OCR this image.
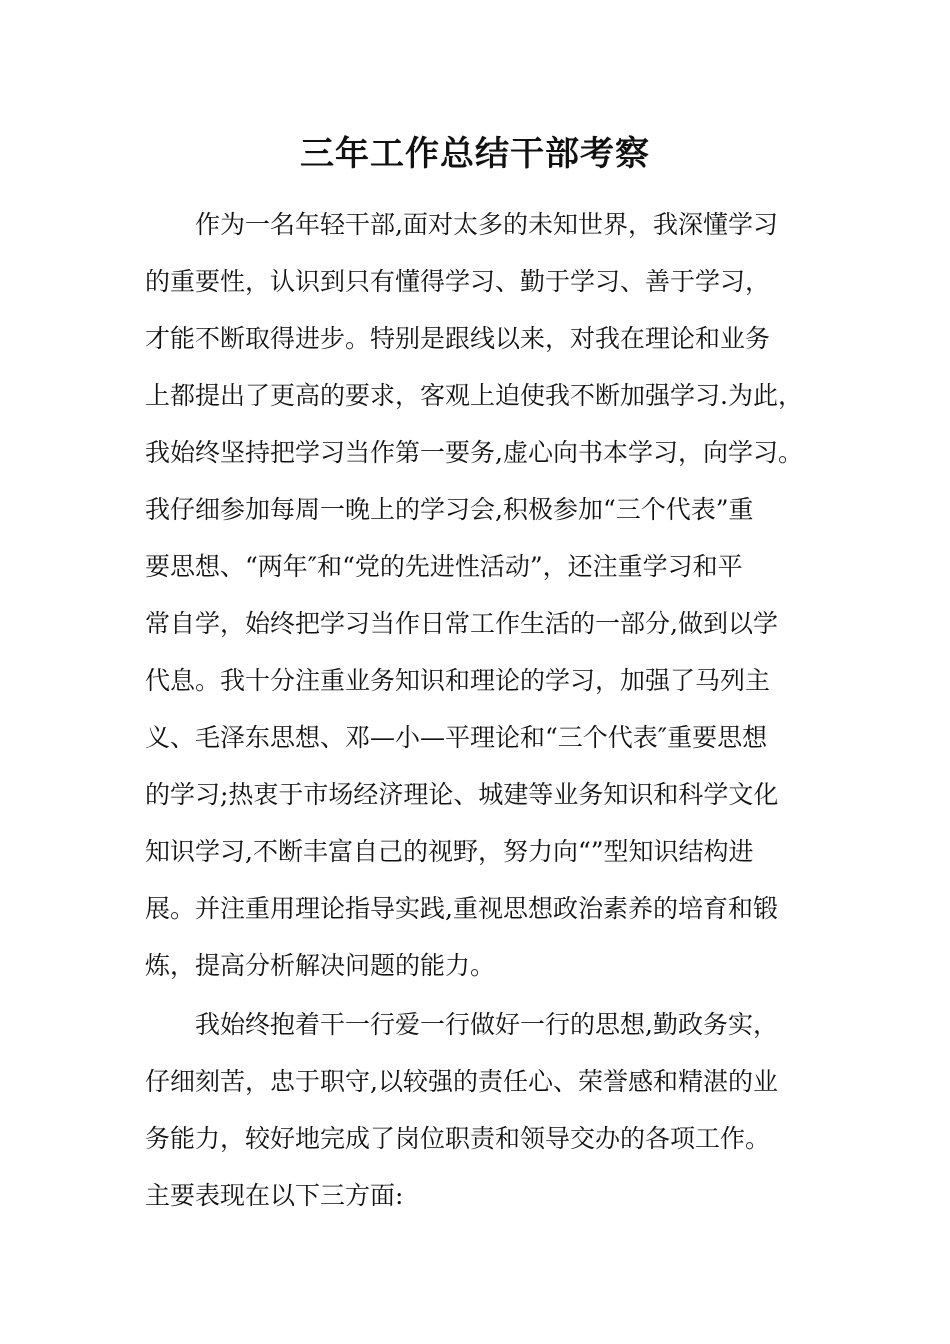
三年工作总结干部考察

作为一名年轻干部,面对太多的未知世界，我深懂学习

的重要性，认识到只有懂得学习、勤于学习、善于学习，

才能不断取得进步。特别是跟线以来，对我在理论和业务

上都提出了更高的要求，客观上迫使我不断加强学习.为此，

我始终坚持把学习当作第一要务,虚心向书本学习，向学习。

我仔细参加每周一晚上的学习会,积极参加“三个代表”重

要思想、“两年″和“党的先进性活动”，还注重学习和平

常自学，始终把学习当作日常工作生活的一部分,做到以学

代息。我十分注重业务知识和理论的学习，加强了马列主

义、毛泽东思想、邓—小—平理论和“三个代表″重要思想

的学习;热衷于市场经济理论、城建等业务知识和科学文化

知识学习,不断丰富自己的视野，努力向“”型知识结构进

展。并注重用理论指导实践,重视思想政治素养的培育和锻

炼，提高分析解决问题的能力。

我始终抱着干一行爱一行做好一行的思想,勤政务实，

仔细刻苦，忠于职守,以较强的责任心、荣誉感和精湛的业

务能力，较好地完成了岗位职责和领导交办的各项工作。

主要表现在以下三方面:
